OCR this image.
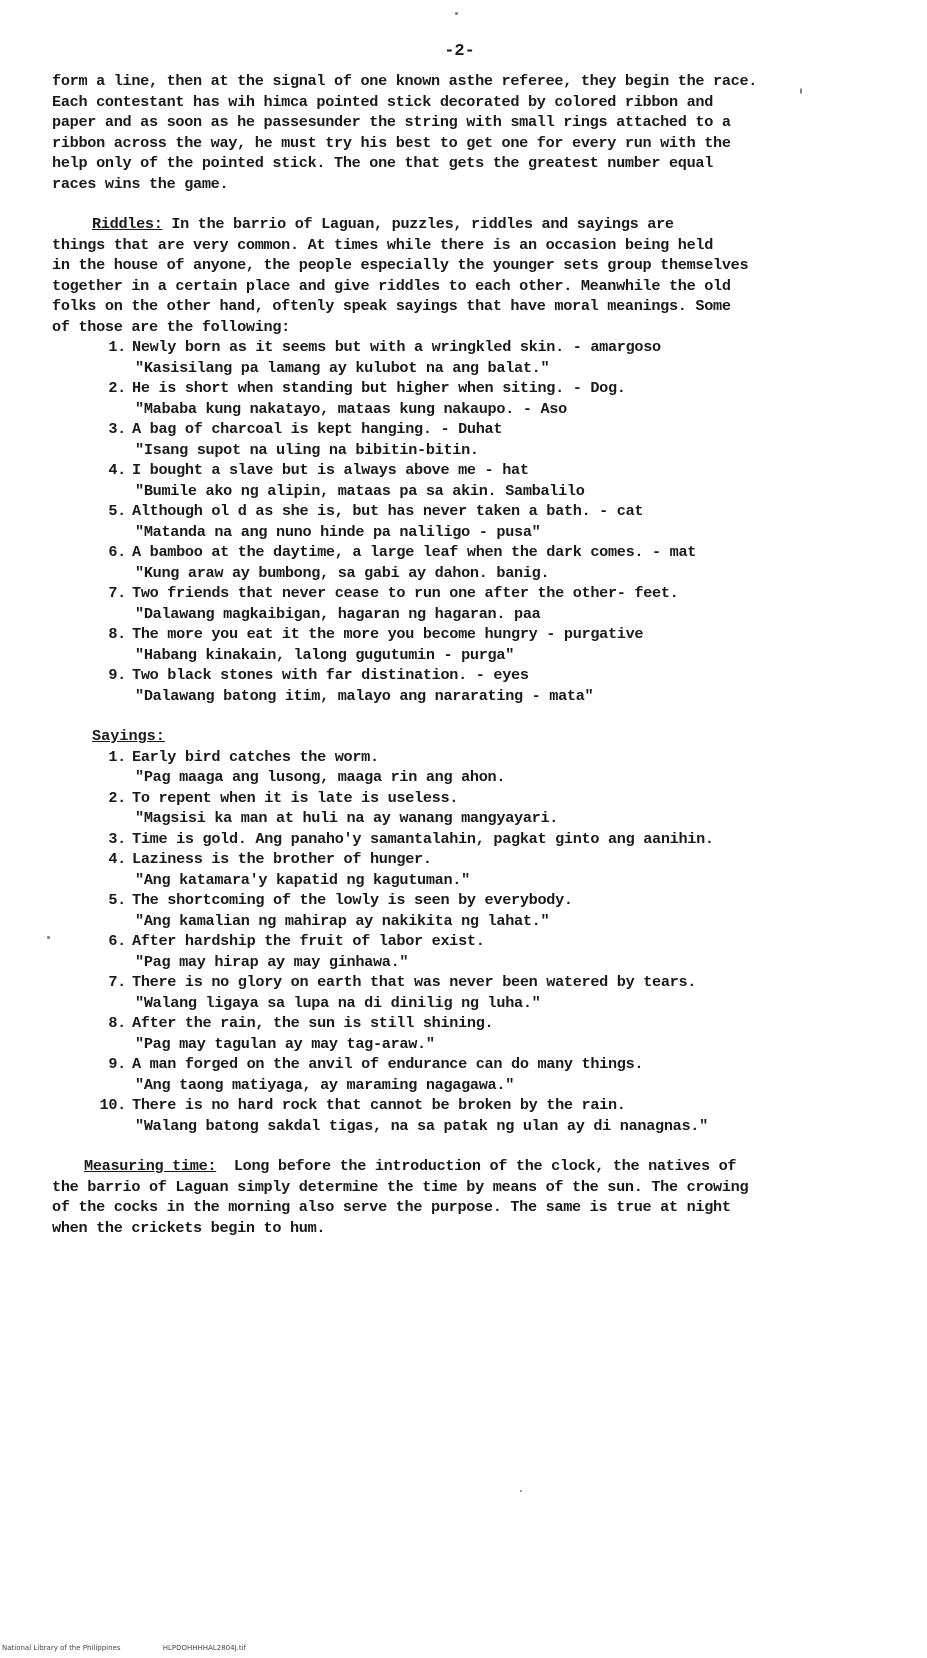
-2-

form a line, then at the signal of one known asthe referee, they begin the race.
Each contestant has wih himca pointed stick decorated by colored ribbon and
paper and as soon as he passesunder the string with small rings attached to a
ribbon across the way, he must try his best to get one for every run with the
help only of the pointed stick. The one that gets the greatest number equal
races wins the game.

Riddles: In the barrio of Laguan, puzzles, riddles and sayings are
things that are very common. At times while there is an occasion being held
in the house of anyone, the people especially the younger sets group themselves
together in a certain place and give riddles to each other. Meanwhile the old
folks on the other hand, oftenly speak sayings that have moral meanings. Some
of those are the following:

1. Newly born as it seems but with a wringkled skin. - amargoso
"Kasisilang pa lamang ay kulubot na ang balat."
2. He is short when standing but higher when siting. - Dog.
"Mababa kung nakatayo, mataas kung nakaupo. - Aso
3. A bag of charcoal is kept hanging. - Duhat
"Isang supot na uling na bibitin-bitin.
4. I bought a slave but is always above me - hat
"Bumile ako ng alipin, mataas pa sa akin. Sambalilo
5. Although ol d as she is, but has never taken a bath. - cat
"Matanda na ang nuno hinde pa naliligo - pusa"
6. A bamboo at the daytime, a large leaf when the dark comes. - mat
"Kung araw ay bumbong, sa gabi ay dahon. banig.
7. Two friends that never cease to run one after the other- feet.
"Dalawang magkaibigan, hagaran ng hagaran. paa
8. The more you eat it the more you become hungry - purgative
"Habang kinakain, lalong gugutumin - purga"
9. Two black stones with far distination. - eyes
"Dalawang batong itim, malayo ang nararating - mata"
Sayings:
1. Early bird catches the worm.
"Pag maaga ang lusong, maaga rin ang ahon.
2. To repent when it is late is useless.
"Magsisi ka man at huli na ay wanang mangyayari.
3. Time is gold. Ang panaho'y samantalahin, pagkat ginto ang aanihin.
4. Laziness is the brother of hunger.
"Ang katamara'y kapatid ng kagutuman."
5. The shortcoming of the lowly is seen by everybody.
"Ang kamalian ng mahirap ay nakikita ng lahat."
6. After hardship the fruit of labor exist.
"Pag may hirap ay may ginhawa."
7. There is no glory on earth that was never been watered by tears.
"Walang ligaya sa lupa na di dinilig ng luha."
8. After the rain, the sun is still shining.
"Pag may tagulan ay may tag-araw."
9. A man forged on the anvil of endurance can do many things.
"Ang taong matiyaga, ay maraming nagagawa."
10. There is no hard rock that cannot be broken by the rain.
"Walang batong sakdal tigas, na sa patak ng ulan ay di nanagnas."

Measuring time:  Long before the introduction of the clock, the natives of
the barrio of Laguan simply determine the time by means of the sun. The crowing
of the cocks in the morning also serve the purpose. The same is true at night
when the crickets begin to hum.

National Library of the Philippines	HLPDOHHHHAL2804J.tif
